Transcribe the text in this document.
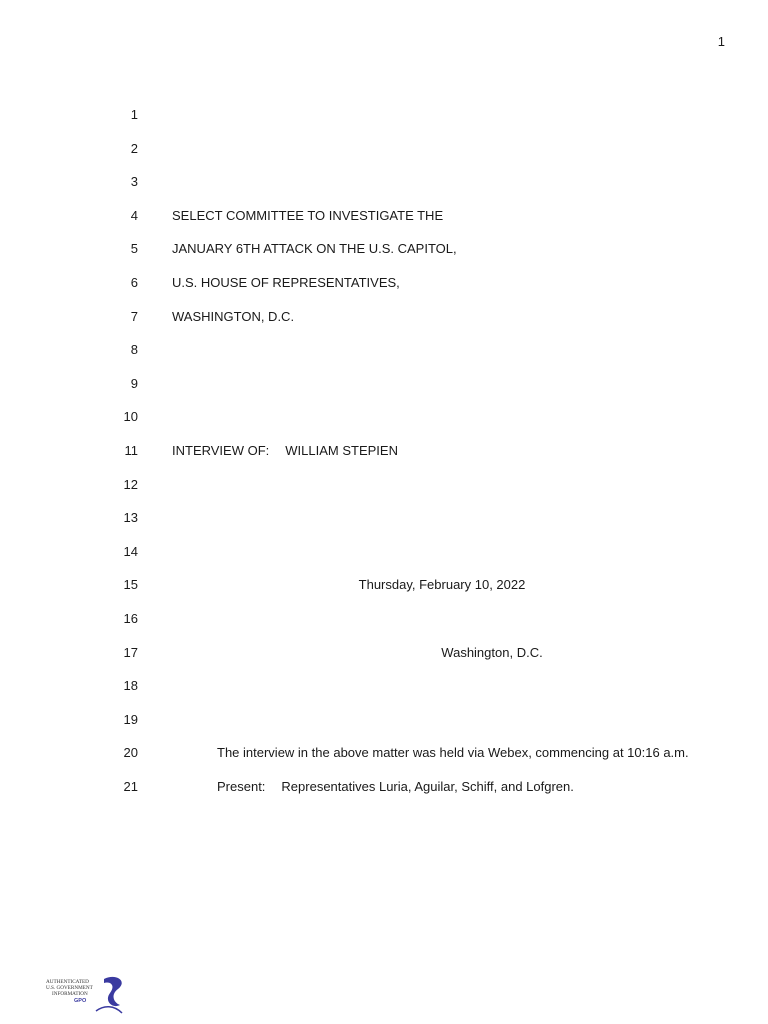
1
1
2
3
4	SELECT COMMITTEE TO INVESTIGATE THE
5	JANUARY 6TH ATTACK ON THE U.S. CAPITOL,
6	U.S. HOUSE OF REPRESENTATIVES,
7	WASHINGTON, D.C.
8
9
10
11	INTERVIEW OF: WILLIAM STEPIEN
12
13
14
15	Thursday, February 10, 2022
16
17	Washington, D.C.
18
19
20	The interview in the above matter was held via Webex, commencing at 10:16 a.m.
21	Present: Representatives Luria, Aguilar, Schiff, and Lofgren.
AUTHENTICATED
U.S. GOVERNMENT
INFORMATION
GPO
